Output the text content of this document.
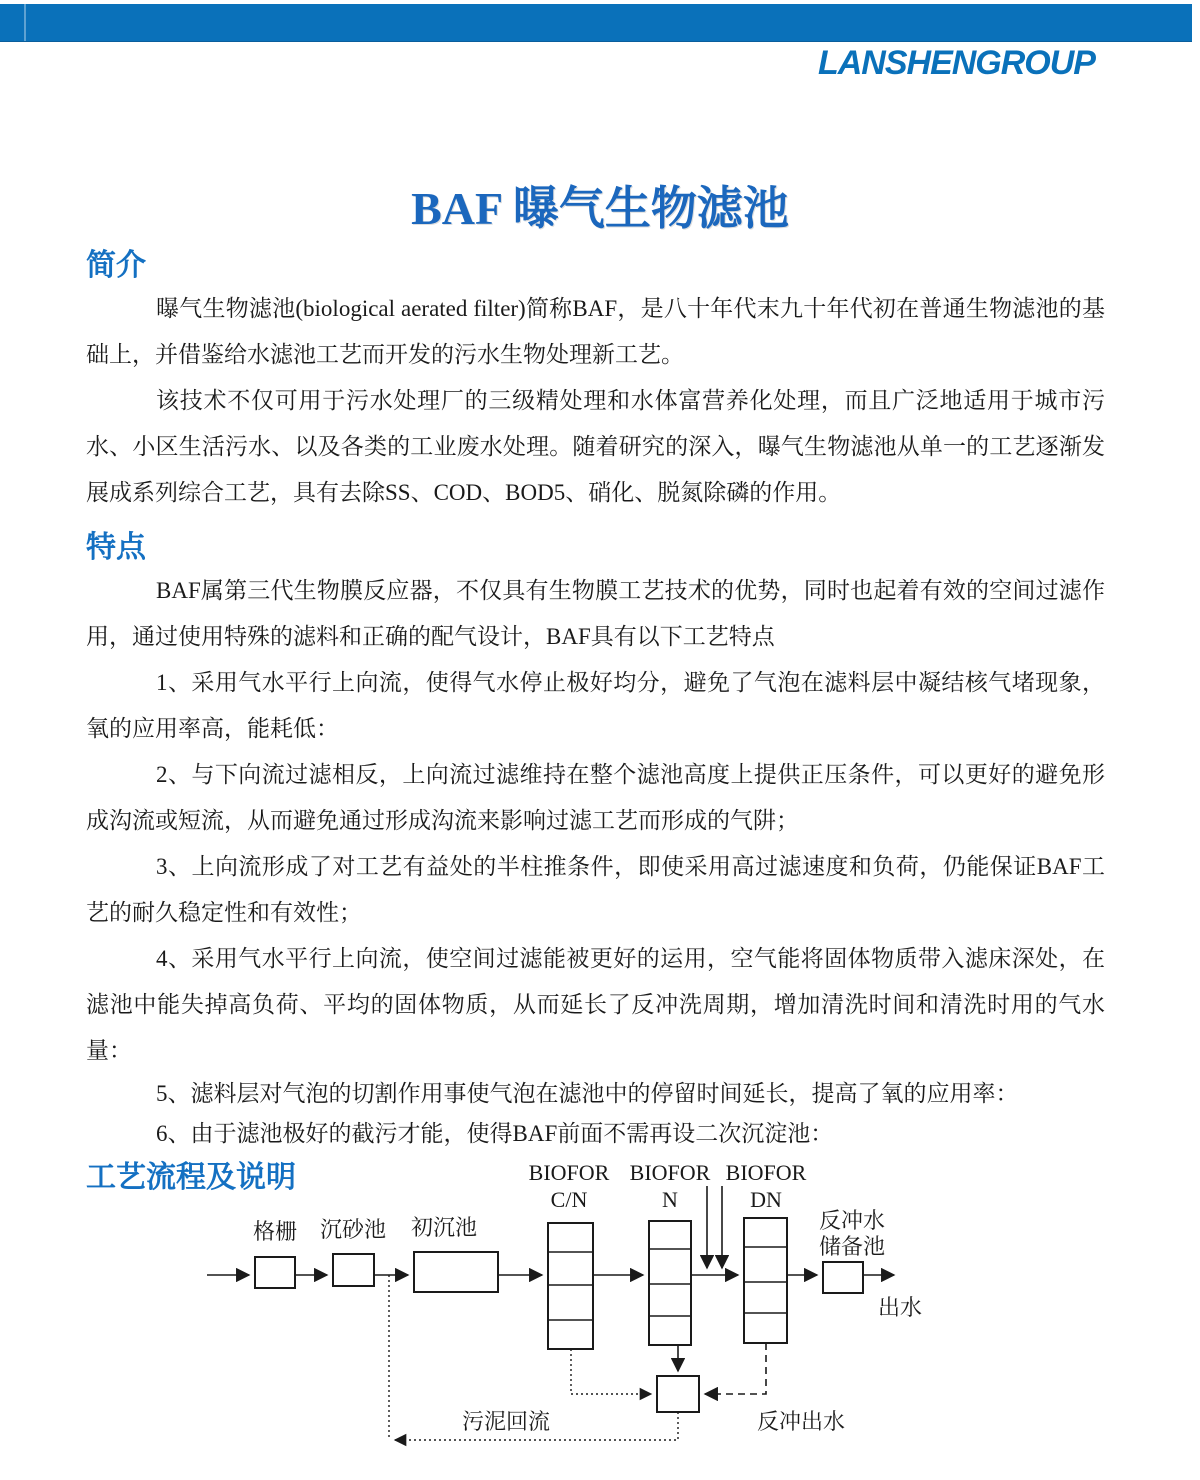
LANSHENGROUP
BAF 曝气生物滤池
简介

曝气生物滤池(biological aerated filter)简称BAF，是八十年代末九十年代初在普通生物滤池的基础上，并借鉴给水滤池工艺而开发的污水生物处理新工艺。

该技术不仅可用于污水处理厂的三级精处理和水体富营养化处理，而且广泛地适用于城市污水、小区生活污水、以及各类的工业废水处理。随着研究的深入，曝气生物滤池从单一的工艺逐渐发展成系列综合工艺，具有去除SS、COD、BOD5、硝化、脱氮除磷的作用。

特点

BAF属第三代生物膜反应器，不仅具有生物膜工艺技术的优势，同时也起着有效的空间过滤作用，通过使用特殊的滤料和正确的配气设计，BAF具有以下工艺特点

1、采用气水平行上向流，使得气水停止极好均分，避免了气泡在滤料层中凝结核气堵现象，氧的应用率高，能耗低：

2、与下向流过滤相反，上向流过滤维持在整个滤池高度上提供正压条件，可以更好的避免形成沟流或短流，从而避免通过形成沟流来影响过滤工艺而形成的气阱；

3、上向流形成了对工艺有益处的半柱推条件，即使采用高过滤速度和负荷，仍能保证BAF工艺的耐久稳定性和有效性；

4、采用气水平行上向流，使空间过滤能被更好的运用，空气能将固体物质带入滤床深处，在滤池中能失掉高负荷、平均的固体物质，从而延长了反冲洗周期，增加清洗时间和清洗时用的气水量：

5、滤料层对气泡的切割作用事使气泡在滤池中的停留时间延长，提高了氧的应用率：

6、由于滤池极好的截污才能，使得BAF前面不需再设二次沉淀池：

工艺流程及说明
格栅 沉砂池 初沉池
BIOFOR
C/N
BIOFOR
N
BIOFOR
DN
反冲水
储备池
出水
污泥回流	反冲出水
